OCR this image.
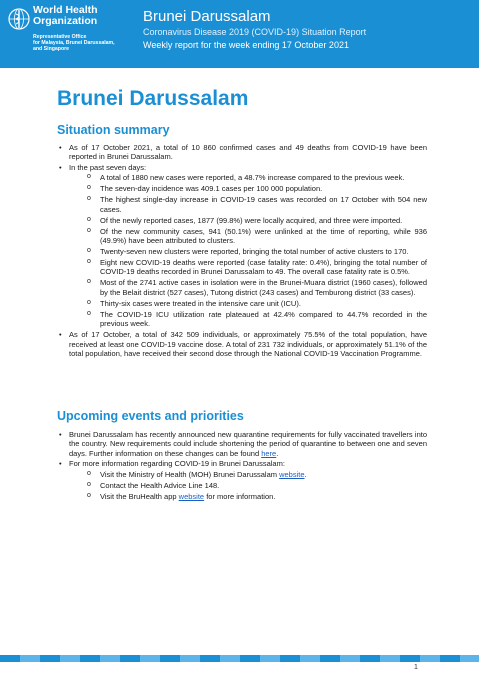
World Health
Organization
Representative Office
for Malaysia, Brunei Darussalam,
and Singapore
Brunei Darussalam
Coronavirus Disease 2019 (COVID-19) Situation Report
Weekly report for the week ending 17 October 2021
Brunei Darussalam
Situation summary
• As of 17 October 2021, a total of 10 860 confirmed cases and 49 deaths from COVID-19 have been reported in Brunei Darussalam.
• In the past seven days:
o A total of 1880 new cases were reported, a 48.7% increase compared to the previous week.
o The seven-day incidence was 409.1 cases per 100 000 population.
o The highest single-day increase in COVID-19 cases was recorded on 17 October with 504 new cases.
o Of the newly reported cases, 1877 (99.8%) were locally acquired, and three were imported.
o Of the new community cases, 941 (50.1%) were unlinked at the time of reporting, while 936 (49.9%) have been attributed to clusters.
o Twenty-seven new clusters were reported, bringing the total number of active clusters to 170.
o Eight new COVID-19 deaths were reported (case fatality rate: 0.4%), bringing the total number of COVID-19 deaths recorded in Brunei Darussalam to 49. The overall case fatality rate is 0.5%.
o Most of the 2741 active cases in isolation were in the Brunei-Muara district (1960 cases), followed by the Belait district (527 cases), Tutong district (243 cases) and Temburong district (33 cases).
o Thirty-six cases were treated in the intensive care unit (ICU).
o The COVID-19 ICU utilization rate plateaued at 42.4% compared to 44.7% recorded in the previous week.
• As of 17 October, a total of 342 509 individuals, or approximately 75.5% of the total population, have received at least one COVID-19 vaccine dose. A total of 231 732 individuals, or approximately 51.1% of the total population, have received their second dose through the National COVID-19 Vaccination Programme.
Upcoming events and priorities
• Brunei Darussalam has recently announced new quarantine requirements for fully vaccinated travellers into the country. New requirements could include shortening the period of quarantine to between one and seven days. Further information on these changes can be found here.
• For more information regarding COVID-19 in Brunei Darussalam:
o Visit the Ministry of Health (MOH) Brunei Darussalam website.
o Contact the Health Advice Line 148.
o Visit the BruHealth app website for more information.
1
